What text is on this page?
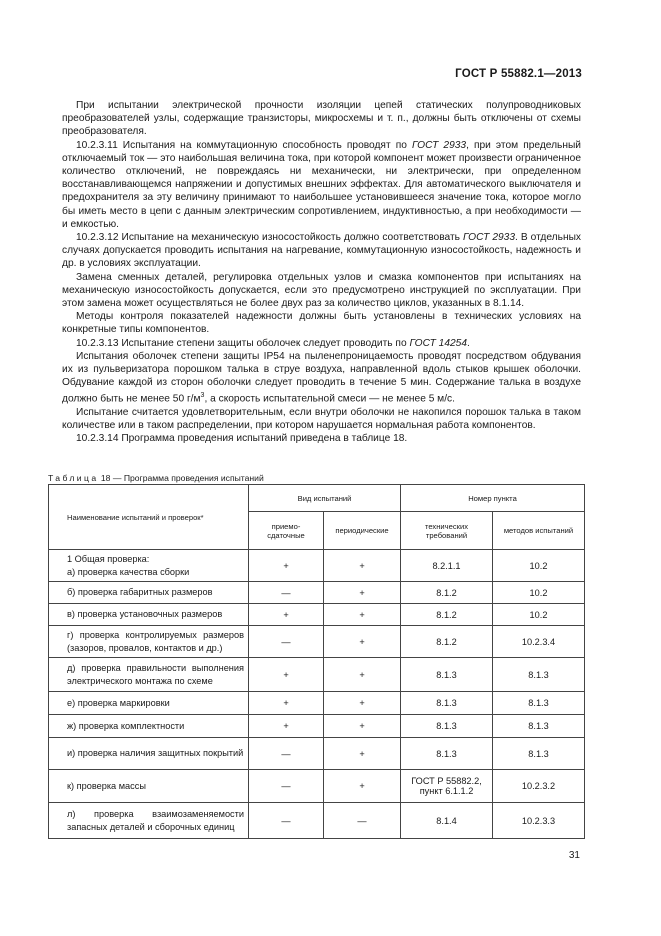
ГОСТ Р 55882.1—2013

При испытании электрической прочности изоляции цепей статических полупроводниковых преобразователей узлы, содержащие транзисторы, микросхемы и т. п., должны быть отключены от схемы преобразователя.

10.2.3.11 Испытания на коммутационную способность проводят по ГОСТ 2933, при этом предельный отключаемый ток — это наибольшая величина тока, при которой компонент может произвести ограниченное количество отключений, не повреждаясь ни механически, ни электрически, при определенном восстанавливающемся напряжении и допустимых внешних эффектах. Для автоматического выключателя и предохранителя за эту величину принимают то наибольшее установившееся значение тока, которое могло бы иметь место в цепи с данным электрическим сопротивлением, индуктивностью, а при необходимости — и емкостью.

10.2.3.12 Испытание на механическую износостойкость должно соответствовать ГОСТ 2933. В отдельных случаях допускается проводить испытания на нагревание, коммутационную износостойкость, надежность и др. в условиях эксплуатации.

Замена сменных деталей, регулировка отдельных узлов и смазка компонентов при испытаниях на механическую износостойкость допускается, если это предусмотрено инструкцией по эксплуатации. При этом замена может осуществляться не более двух раз за количество циклов, указанных в 8.1.14.

Методы контроля показателей надежности должны быть установлены в технических условиях на конкретные типы компонентов.

10.2.3.13 Испытание степени защиты оболочек следует проводить по ГОСТ 14254.

Испытания оболочек степени защиты IP54 на пыленепроницаемость проводят посредством обдувания их из пульверизатора порошком талька в струе воздуха, направленной вдоль стыков крышек оболочки. Обдувание каждой из сторон оболочки следует проводить в течение 5 мин. Содержание талька в воздухе должно быть не менее 50 $г/м^3$, а скорость испытательной смеси — не менее 5 м/с.

Испытание считается удовлетворительным, если внутри оболочки не накопился порошок талька в таком количестве или в таком распределении, при котором нарушается нормальная работа компонентов.

10.2.3.14 Программа проведения испытаний приведена в таблице 18.

Таблица 18 — Программа проведения испытаний
Наименование испытаний и проверок*	Вид испытаний		Номер пункта	
	приемо-сдаточные	периодические	технических требований	методов испытаний
1 Общая проверка:
а) проверка качества сборки	+	+	8.2.1.1	10.2
б) проверка габаритных размеров	—	+	8.1.2	10.2
в) проверка установочных размеров	+	+	8.1.2	10.2
г) проверка контролируемых размеров (зазоров, провалов, контактов и др.)	—	+	8.1.2	10.2.3.4
д) проверка правильности выполнения электрического монтажа по схеме	+	+	8.1.3	8.1.3
е) проверка маркировки	+	+	8.1.3	8.1.3
ж) проверка комплектности	+	+	8.1.3	8.1.3
и) проверка наличия защитных покрытий	—	+	8.1.3	8.1.3
к) проверка массы	—	+	ГОСТ Р 55882.2, пункт 6.1.1.2	10.2.3.2
л) проверка взаимозаменяемости запасных деталей и сборочных единиц	—	—	8.1.4	10.2.3.3
31
